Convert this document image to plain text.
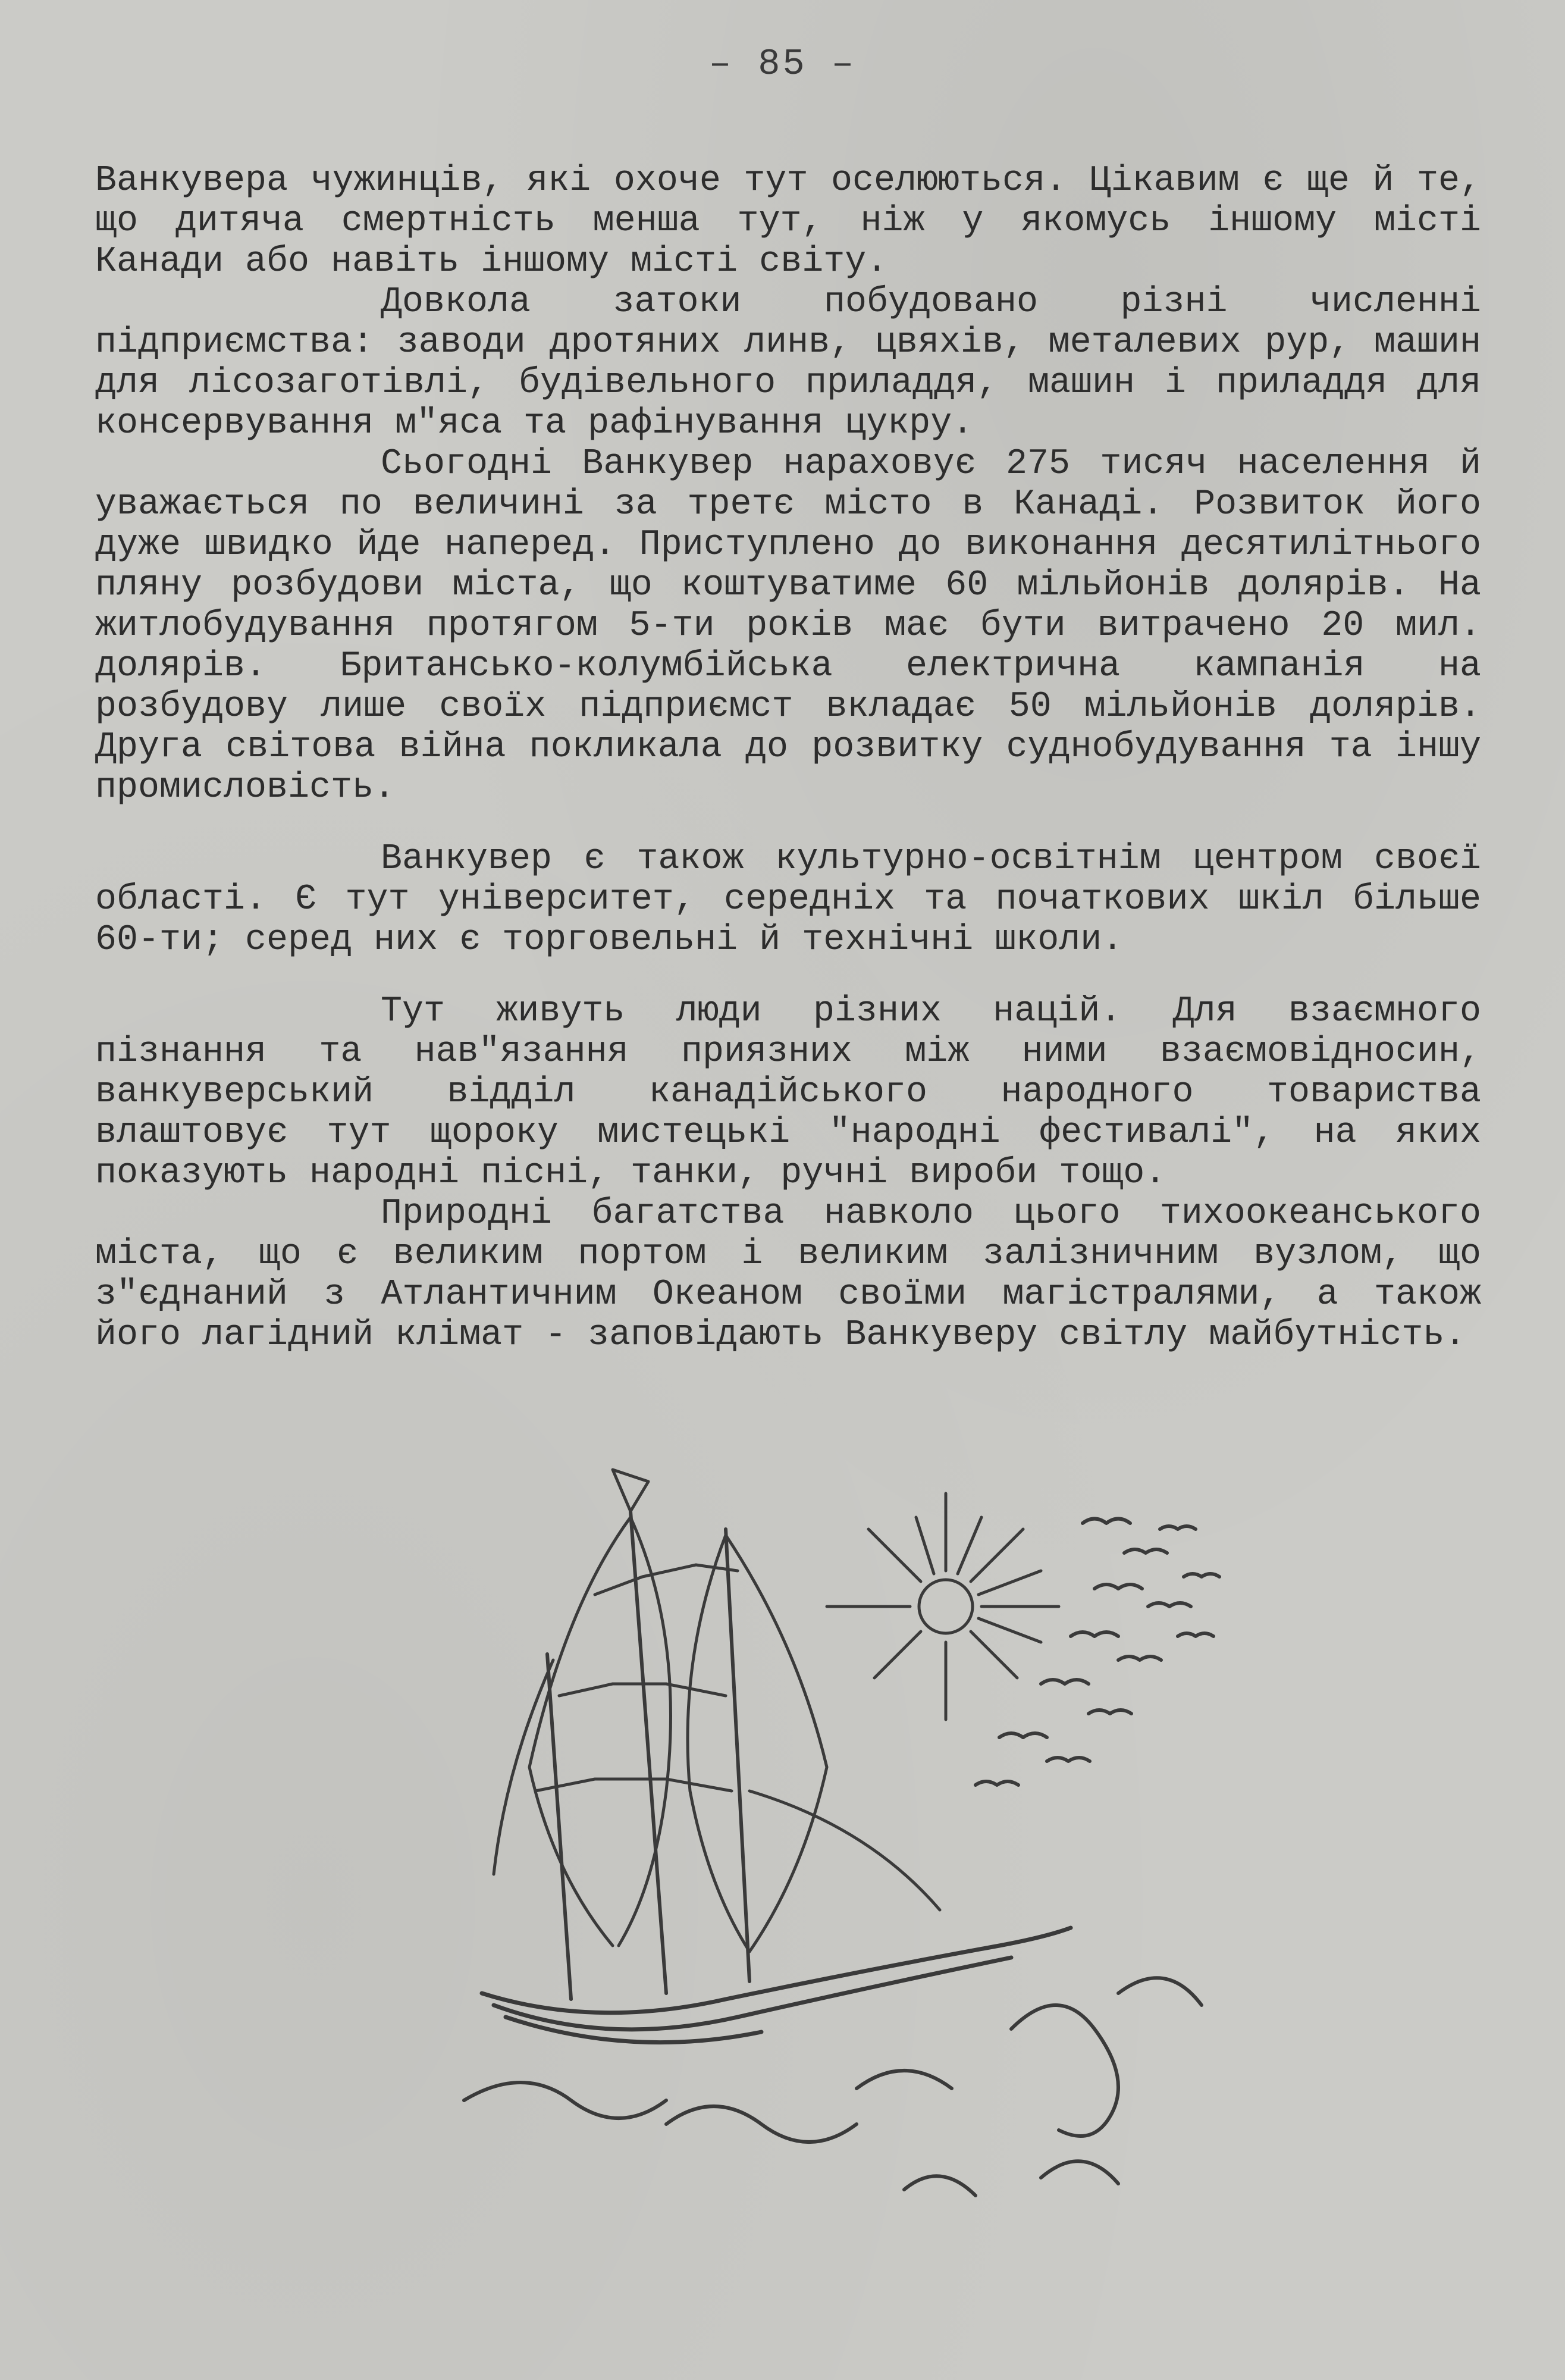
– 85 –

Ванкувера чужинців, які охоче тут оселюються. Цікавим є ще й те, що дитяча смертність менша тут, ніж у якомусь іншому місті Канади або навіть іншому місті світу.

Довкола затоки побудовано різні численні підприємства: заводи дротяних линв, цвяхів, металевих рур, машин для лісозаготівлі, будівельного приладдя, машин і приладдя для консервування м"яса та рафінування цукру.

Сьогодні Ванкувер нараховує 275 тисяч населення й уважається по величині за третє місто в Канаді. Розвиток його дуже швидко йде наперед. Приступлено до виконання десятилітнього пляну розбудови міста, що коштуватиме 60 мільйонів долярів. На житлобудування протягом 5-ти років має бути витрачено 20 мил. долярів. Британсько-колумбійська електрична кампанія на розбудову лише своїх підприємст вкладає 50 мільйонів долярів. Друга світова війна покликала до розвитку суднобудування та іншу промисловість.

Ванкувер є також культурно-освітнім центром своєї області. Є тут університет, середніх та початкових шкіл більше 60-ти; серед них є торговельні й технічні школи.

Тут живуть люди різних націй. Для взаємного пізнання та нав"язання приязних між ними взаємовідносин, ванкуверський відділ канадійського народного товариства влаштовує тут щороку мистецькі "народні фестивалі", на яких показують народні пісні, танки, ручні вироби тощо.

Природні багатства навколо цього тихоокеанського міста, що є великим портом і великим залізничним вузлом, що з"єднаний з Атлантичним Океаном своїми магістралями, а також його лагідний клімат - заповідають Ванкуверу світлу майбутність.
